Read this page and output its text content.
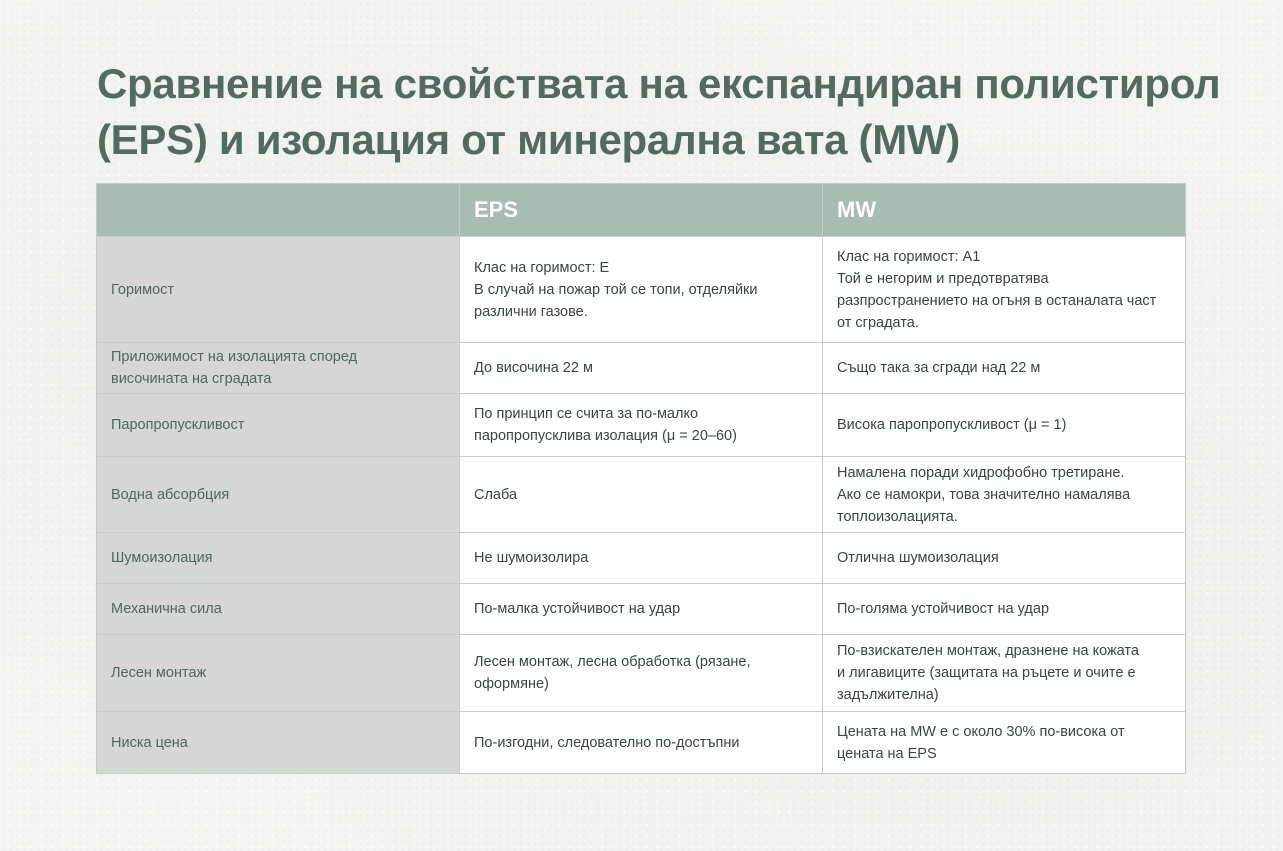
Сравнение на свойствата на експандиран полистирол
(EPS) и изолация от минерална вата (MW)
	EPS	MW
Горимост	Клас на горимост: E
В случай на пожар той се топи, отделяйки
различни газове.	Клас на горимост: A1
Той е негорим и предотвратява
разпространението на огъня в останалата част
от сградата.

Приложимост на изолацията според
височината на сградата	До височина 22 м	Също така за сгради над 22 м

Паропропускливост	По принцип се счита за по-малко
паропропусклива изолация (μ = 20–60)	Висока паропропускливост (μ = 1)

Водна абсорбция	Слаба	Намалена поради хидрофобно третиране.
Ако се намокри, това значително намалява
топлоизолацията.

Шумоизолация	Не шумоизолира	Отлична шумоизолация

Механична сила	По-малка устойчивост на удар	По-голяма устойчивост на удар

Лесен монтаж	Лесен монтаж, лесна обработка (рязане,
оформяне)	По-взискателен монтаж, дразнене на кожата
и лигавиците (защитата на ръцете и очите е
задължителна)

Ниска цена	По-изгодни, следователно по-достъпни	Цената на MW е с около 30% по-висока от
цената на EPS
